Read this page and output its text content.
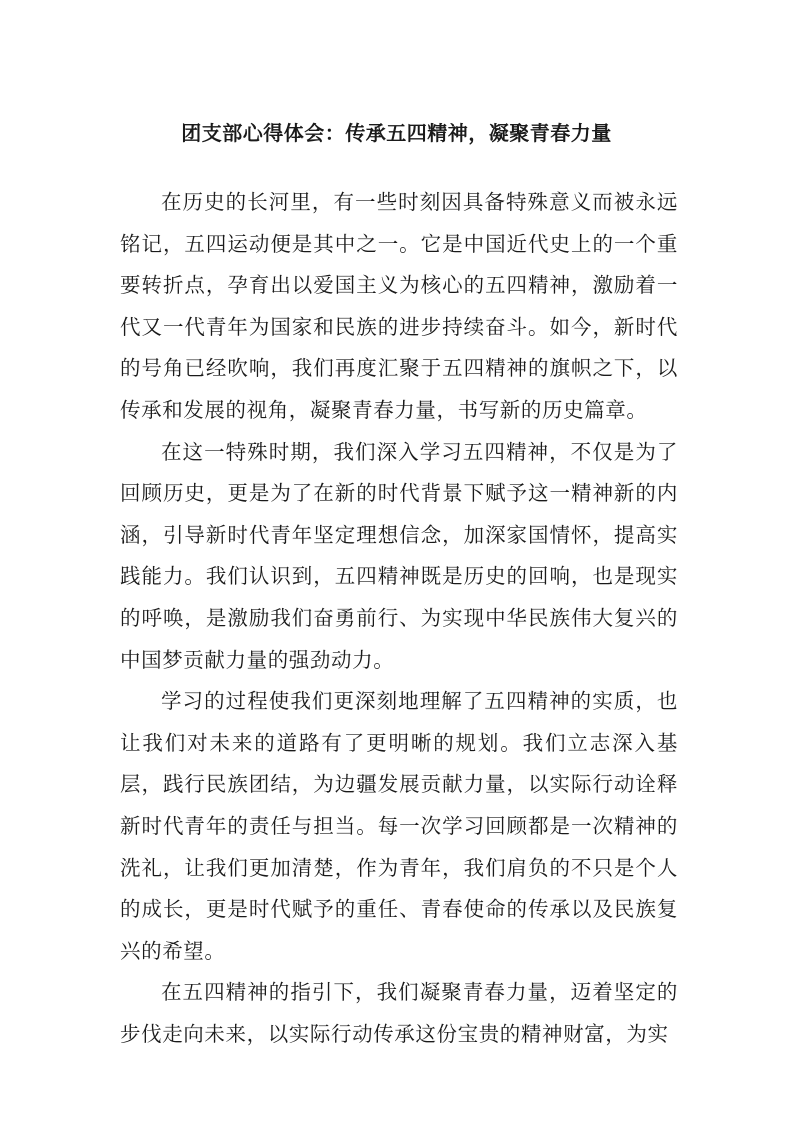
团支部心得体会：传承五四精神，凝聚青春力量

在历史的长河里，有一些时刻因具备特殊意义而被永远铭记，五四运动便是其中之一。它是中国近代史上的一个重要转折点，孕育出以爱国主义为核心的五四精神，激励着一代又一代青年为国家和民族的进步持续奋斗。如今，新时代的号角已经吹响，我们再度汇聚于五四精神的旗帜之下，以传承和发展的视角，凝聚青春力量，书写新的历史篇章。

在这一特殊时期，我们深入学习五四精神，不仅是为了回顾历史，更是为了在新的时代背景下赋予这一精神新的内涵，引导新时代青年坚定理想信念，加深家国情怀，提高实践能力。我们认识到，五四精神既是历史的回响，也是现实的呼唤，是激励我们奋勇前行、为实现中华民族伟大复兴的中国梦贡献力量的强劲动力。

学习的过程使我们更深刻地理解了五四精神的实质，也让我们对未来的道路有了更明晰的规划。我们立志深入基层，践行民族团结，为边疆发展贡献力量，以实际行动诠释新时代青年的责任与担当。每一次学习回顾都是一次精神的洗礼，让我们更加清楚，作为青年，我们肩负的不只是个人的成长，更是时代赋予的重任、青春使命的传承以及民族复兴的希望。

在五四精神的指引下，我们凝聚青春力量，迈着坚定的步伐走向未来，以实际行动传承这份宝贵的精神财富，为实
